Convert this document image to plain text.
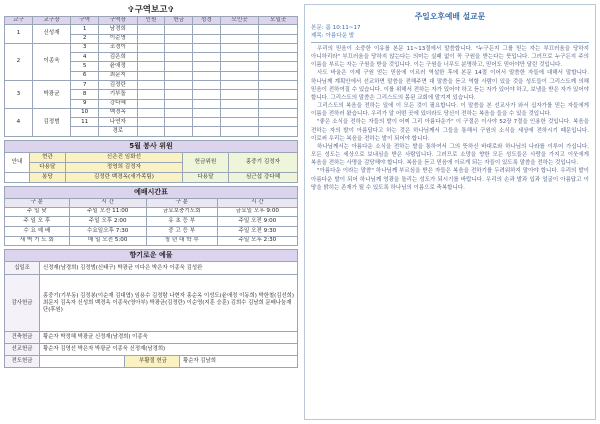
✞구역보고✞
교구	교구장	구역	구역장	인원	헌금	성경	모인곳	모일곳
1	신성재	1	남경희					
		2	이순영					
2	이종욱	3	조경이					
		4	김은희					
		5	윤애정					
		6	최문지					
3	박광균	7	김정란					
		8	기부돌					
		9	강다혜					
4	김정범	10	백경옥					
		11	나연자					
			경로					
5월 봉사 위원
안내	현관	신은진 임화선	헌금위원	홍중기 김정자
	다용달	정영희 김정자		
	봉당	김정란 백경옥(새가족팀)	다용달	심근섭 강다혜
예배시간표
구 분	시 간	구 분	시 간
주 일 낮	주일 오전 11:00	금요보충기도회	금요일 오후 9:00
주 일 오 후	주일 오후 2:00	유 초 등 부	주일 오전 9:00
수 요 예 배	수요일오후 7:30	중 고 등 부	주일 오전 9:30
새 벽 기 도 회	매 일 오전 5:00	청 년 대 학 부	주일 오후 2:30
향기로운 예물
십일조	신정재(남경희) 김정범(신태구) 박광균 이다은 박은자 이종욱 김성완		
감사헌금	홍중기(기부동) 김정봉(이순재 김대엽) 임용수 김정람 나현자 홍순옥 이성도(윤애정 이동희) 박한철(김선희) 최문지 김옥자 신성희 백경옥 이종욱(영아부) 박광균(김정란) 이순영(지훈 승훈) 김희수 김남희 문배나눔재단(후원)		
건축헌금	황순자 박정혜 박광균 신정재(남경희) 이종욱		
선교헌금	황순자 김영선 박은자 박광균 이종욱 신정재(남경희)		
전도헌금		부활절 헌금	황순자 김남희
주일오후예배 설교문
본문: 롬 10:11~17
제목: 아름다운 발

우리의 믿음이 소중한 이유를 본문 11~13절에서 말씀합니다. "누구든지 그를 믿는 자는 부끄러움을 당하지 아니하리라" 부끄러움을 당하지 않는다는 의미는 실패 없이 꼭 구원을 받는다는 뜻입니다. 그러므로 누구든지 주의 이름을 부르는 자는 구원을 받을 것입니다. 이는 구원을 너무도 분명하고, 믿어도 믿어야만 달린 것입니다.

사도 바울은 이제 구원 얻는 믿음에 이르러 역설한 후에 본문 14절 이어서 말씀한 자들에 대해서 말합니다. 하나님께 계획안에서 선교하면 말씀을 전해주면 대 말씀을 듣고 역할 사람이 있을 것을 성도들이 그리스도께 의해 믿음이 전하여질 수 있습니다. 이를 위해서 전하는 자가 있어야 하고 듣는 자가 있어야 하고, 보냄을 받은 자가 있어야 합니다. 그리스도의 말씀은 그리스도의 몸된 교회에 맡겨져 있습니다.

그리스도의 복음을 전하는 일에 이 모든 것이 필요합니다. 이 말씀을 본 선교사가 와서 십자가를 믿는 자들에게 이름을 전하러 왔습니다. 우리가 알 어떤 곳에 있더라도 당신이 전하는 복음을 들을 수 있을 것입니다.

"좋은 소식을 전하는 자들의 발이 어찌 그리 아름다운가" 이 구절은 이사야 52장 7절을 인용한 것입니다. 복음을 전하는 자의 발이 아름답다고 하는 것은 하나님께서 그들을 통해서 구원의 소식을 세상에 전하시기 때문입니다. 이로써 우리는 복음을 전하는 발이 되어야 합니다.

하나님께서는 아름다운 소식을 전하는 발을 통하여서 그의 뜻하신 바대로와 하나님의 나라를 이루어 가십니다. 모든 성도는 세상으로 보내심을 받은 사람입니다. 그러므로 소망을 향한 모든 성도들은 사랑을 가지고 이웃에게 복음을 전하는 사명을 감당해야 합니다. 복음을 듣고 믿음에 이르게 되는 자들이 있도록 말씀을 전하는 것입니다.

"아름다운 이라는 말씀" 하나님께 부르심을 받은 자들은 복음을 전하기를 두려워하지 말아야 합니다. 우리의 발이 아름다운 발이 되어 하나님께 영광을 돌리는 성도가 되시기를 바랍니다. 우리의 손과 발과 입과 얼굴이 아름답고 이 땅을 밝히는 존재가 될 수 있도록 하나님의 이름으로 축복합니다.
